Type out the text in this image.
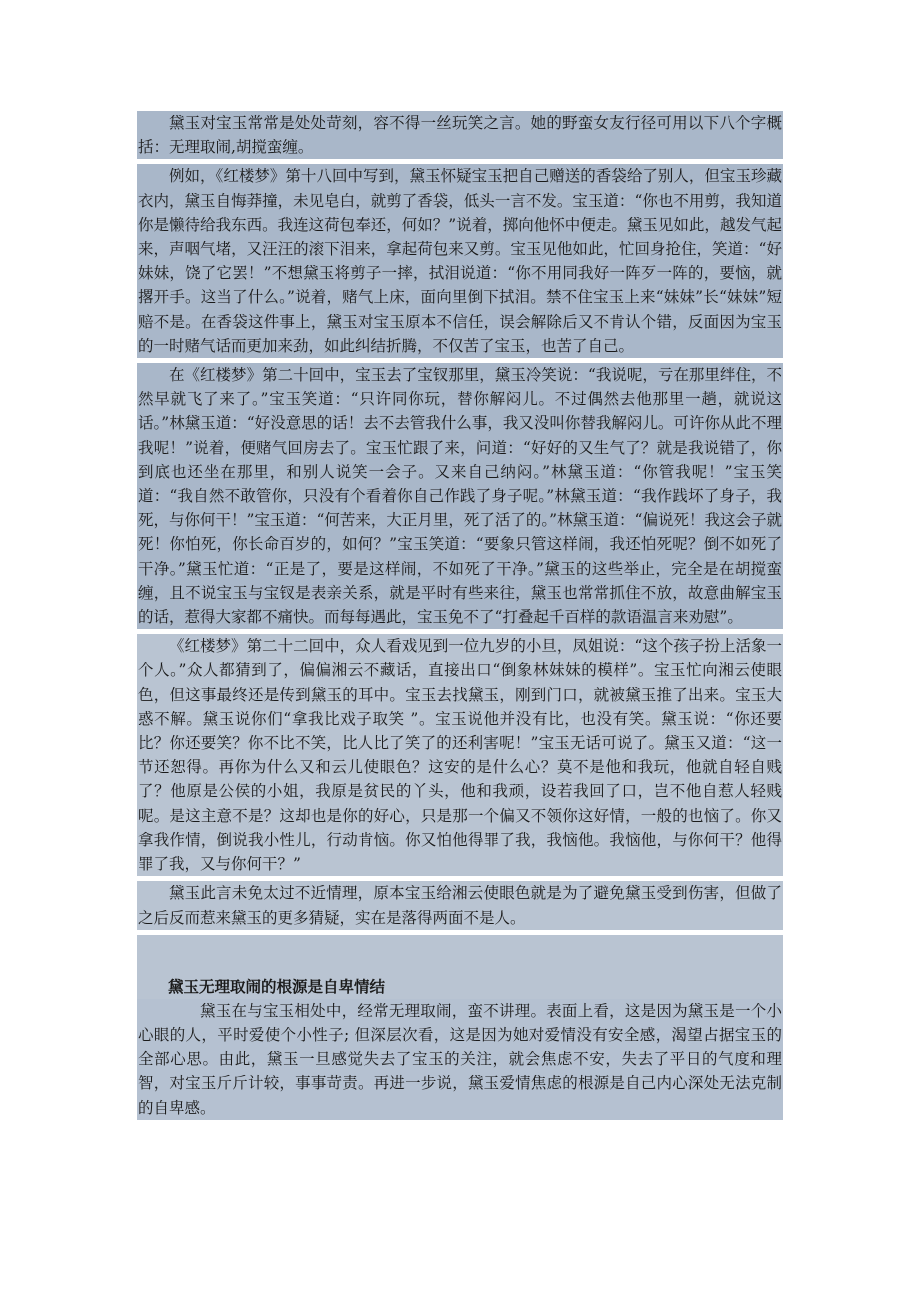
黛玉对宝玉常常是处处苛刻，容不得一丝玩笑之言。她的野蛮女友行径可用以下八个字概括：无理取闹,胡搅蛮缠。

例如，《红楼梦》第十八回中写到，黛玉怀疑宝玉把自己赠送的香袋给了别人，但宝玉珍藏衣内，黛玉自悔莽撞，未见皂白，就剪了香袋，低头一言不发。宝玉道：“你也不用剪，我知道你是懒待给我东西。我连这荷包奉还，何如？”说着，掷向他怀中便走。黛玉见如此，越发气起来，声咽气堵，又汪汪的滚下泪来，拿起荷包来又剪。宝玉见他如此，忙回身抢住，笑道：“好妹妹，饶了它罢！”不想黛玉将剪子一摔，拭泪说道：“你不用同我好一阵歹一阵的，要恼，就撂开手。这当了什么。”说着，赌气上床，面向里倒下拭泪。禁不住宝玉上来“妹妹”长“妹妹”短赔不是。在香袋这件事上，黛玉对宝玉原本不信任，误会解除后又不肯认个错，反面因为宝玉的一时赌气话而更加来劲，如此纠结折腾，不仅苦了宝玉，也苦了自己。

在《红楼梦》第二十回中，宝玉去了宝钗那里，黛玉冷笑说：“我说呢，亏在那里绊住，不然早就飞了来了。”宝玉笑道：“只许同你玩，替你解闷儿。不过偶然去他那里一趟，就说这话。”林黛玉道：“好没意思的话！去不去管我什么事，我又没叫你替我解闷儿。可许你从此不理我呢！”说着，便赌气回房去了。宝玉忙跟了来，问道：“好好的又生气了？就是我说错了，你到底也还坐在那里，和别人说笑一会子。又来自己纳闷。”林黛玉道：“你管我呢！”宝玉笑道：“我自然不敢管你，只没有个看着你自己作践了身子呢。”林黛玉道：“我作践坏了身子，我死，与你何干！”宝玉道：“何苦来，大正月里，死了活了的。”林黛玉道：“偏说死！我这会子就死！你怕死，你长命百岁的，如何？”宝玉笑道：“要象只管这样闹，我还怕死呢？倒不如死了干净。”黛玉忙道：“正是了，要是这样闹，不如死了干净。”黛玉的这些举止，完全是在胡搅蛮缠，且不说宝玉与宝钗是表亲关系，就是平时有些来往，黛玉也常常抓住不放，故意曲解宝玉的话，惹得大家都不痛快。而每每遇此，宝玉免不了“打叠起千百样的款语温言来劝慰”。

《红楼梦》第二十二回中，众人看戏见到一位九岁的小旦，凤姐说：“这个孩子扮上活象一个人。”众人都猜到了，偏偏湘云不藏话，直接出口“倒象林妹妹的模样”。宝玉忙向湘云使眼色，但这事最终还是传到黛玉的耳中。宝玉去找黛玉，刚到门口，就被黛玉推了出来。宝玉大惑不解。黛玉说你们“拿我比戏子取笑 ”。宝玉说他并没有比，也没有笑。黛玉说：“你还要比？你还要笑？你不比不笑，比人比了笑了的还利害呢！”宝玉无话可说了。黛玉又道：“这一节还恕得。再你为什么又和云儿使眼色？这安的是什么心？莫不是他和我玩，他就自轻自贱了？他原是公侯的小姐，我原是贫民的丫头，他和我顽，设若我回了口，岂不他自惹人轻贱呢。是这主意不是？这却也是你的好心，只是那一个偏又不领你这好情，一般的也恼了。你又拿我作情，倒说我小性儿，行动肯恼。你又怕他得罪了我，我恼他。我恼他，与你何干？他得罪了我，又与你何干？”

黛玉此言未免太过不近情理，原本宝玉给湘云使眼色就是为了避免黛玉受到伤害，但做了之后反而惹来黛玉的更多猜疑，实在是落得两面不是人。

黛玉无理取闹的根源是自卑情结

黛玉在与宝玉相处中，经常无理取闹，蛮不讲理。表面上看，这是因为黛玉是一个小心眼的人，平时爱使个小性子; 但深层次看，这是因为她对爱情没有安全感，渴望占据宝玉的全部心思。由此，黛玉一旦感觉失去了宝玉的关注，就会焦虑不安，失去了平日的气度和理智，对宝玉斤斤计较，事事苛责。再进一步说，黛玉爱情焦虑的根源是自己内心深处无法克制的自卑感。
